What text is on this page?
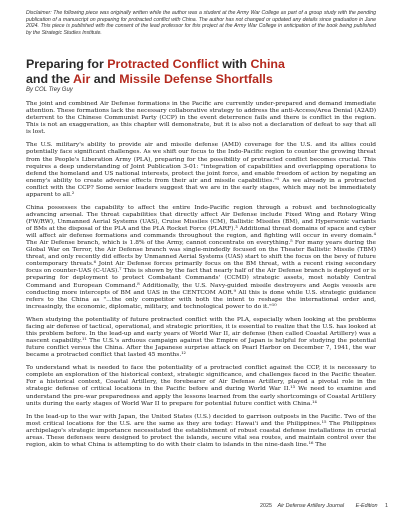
Disclaimer: The following piece was originally written while the author was a student at the Army War College as part of a group study with the pending publication of a manuscript on preparing for protracted conflict with China. The author has not changed or updated any details since graduation in June 2024. This piece is published with the consent of the lead professor for this project at the Army War College in anticipation of the book being published by the Strategic Studies Institute.
Preparing for Protracted Conflict with China
and the Air and Missile Defense Shortfalls
By COL Trey Guy

The joint and combined Air Defense formations in the Pacific are currently under-prepared and demand immediate attention. These formations lack the necessary collaborative strategy to address the anti-Access/Area Denial (A2AD) deterrent to the Chinese Communist Party (CCP) in the event deterrence fails and there is conflict in the region. This is not an exaggeration, as this chapter will demonstrate, but it is also not a declaration of defeat to say that all is lost.

The U.S. military's ability to provide air and missile defense (AMD) coverage for the U.S. and its allies could potentially face significant challenges. As we shift our focus to the Indo-Pacific region to counter the growing threat from the People's Liberation Army (PLA), preparing for the possibility of protracted conflict becomes crucial. This requires a deep understanding of Joint Publication 3-01: "integration of capabilities and overlapping operations to defend the homeland and US national interests, protect the joint force, and enable freedom of action by negating an enemy's ability to create adverse effects from their air and missile capabilities."¹ As we already in a protracted conflict with the CCP? Some senior leaders suggest that we are in the early stages, which may not be immediately apparent to all.²

China possesses the capability to affect the entire Indo-Pacific region through a robust and technologically advancing arsenal. The threat capabilities that directly affect Air Defense include Fixed Wing and Rotary Wing (FW/RW), Unmanned Aerial Systems (UAS), Cruise Missiles (CM), Ballistic Missiles (BM), and Hypersonic variants of BMs at the disposal of the PLA and the PLA Rocket Force (PLARF).³ Additional threat domains of space and cyber will affect air defense formations and commands throughout the region, and fighting will occur in every domain.⁴ The Air Defense branch, which is 1.8% of the Army, cannot concentrate on everything.⁵ For many years during the Global War on Terror, the Air Defense branch was single-mindedly focused on the Theater Ballistic Missile (TBM) threat, and only recently did effects by Unmanned Aerial Systems (UAS) start to shift the focus on the bevy of future contemporary threats.⁶ Joint Air Defense forces primarily focus on the BM threat, with a recent rising secondary focus on counter-UAS (C-UAS).⁷ This is shown by the fact that nearly half of the Air Defense branch is deployed or is preparing for deployment to protect Combatant Commands' (CCMD) strategic assets, most notably Central Command and European Command.⁸ Additionally, the U.S. Navy-guided missile destroyers and Aegis vessels are conducting more intercepts of BM and UAS in the CENTCOM AOR.⁹ All this is done while U.S. strategic guidance refers to the China as "...the only competitor with both the intent to reshape the international order and, increasingly, the economic, diplomatic, military, and technological power to do it."¹⁰

When studying the potentiality of future protracted conflict with the PLA, especially when looking at the problems facing air defense of tactical, operational, and strategic priorities, it is essential to realize that the U.S. has looked at this problem before. In the lead-up and early years of World War II, air defense (then called Coastal Artillery) was a nascent capability.¹¹ The U.S.'s arduous campaign against the Empire of Japan is helpful for studying the potential future conflict versus the China. After the Japanese surprise attack on Pearl Harbor on December 7, 1941, the war became a protracted conflict that lasted 45 months.¹²

To understand what is needed to face the potentiality of a protracted conflict against the CCP, it is necessary to complete an exploration of the historical context, strategic significance, and challenges faced in the Pacific theater. For a historical context, Coastal Artillery, the forebearer of Air Defense Artillery, played a pivotal role in the strategic defense of critical locations in the Pacific before and during World War II.¹³ We need to examine and understand the pre-war preparedness and apply the lessons learned from the early shortcomings of Coastal Artillery units during the early stages of World War II to prepare for potential future conflict with China.¹⁴

In the lead-up to the war with Japan, the United States (U.S.) decided to garrison outposts in the Pacific. Two of the most critical locations for the U.S. are the same as they are today: Hawai'i and the Philippines.¹⁵ The Philippines archipelago's strategic importance necessitated the establishment of robust coastal defense installations in crucial areas. These defenses were designed to protect the islands, secure vital sea routes, and maintain control over the region, akin to what China is attempting to do with their claim to islands in the nine-dash line.¹⁶ The

2025 Air Defense Artillery Journal E-Edition 1
